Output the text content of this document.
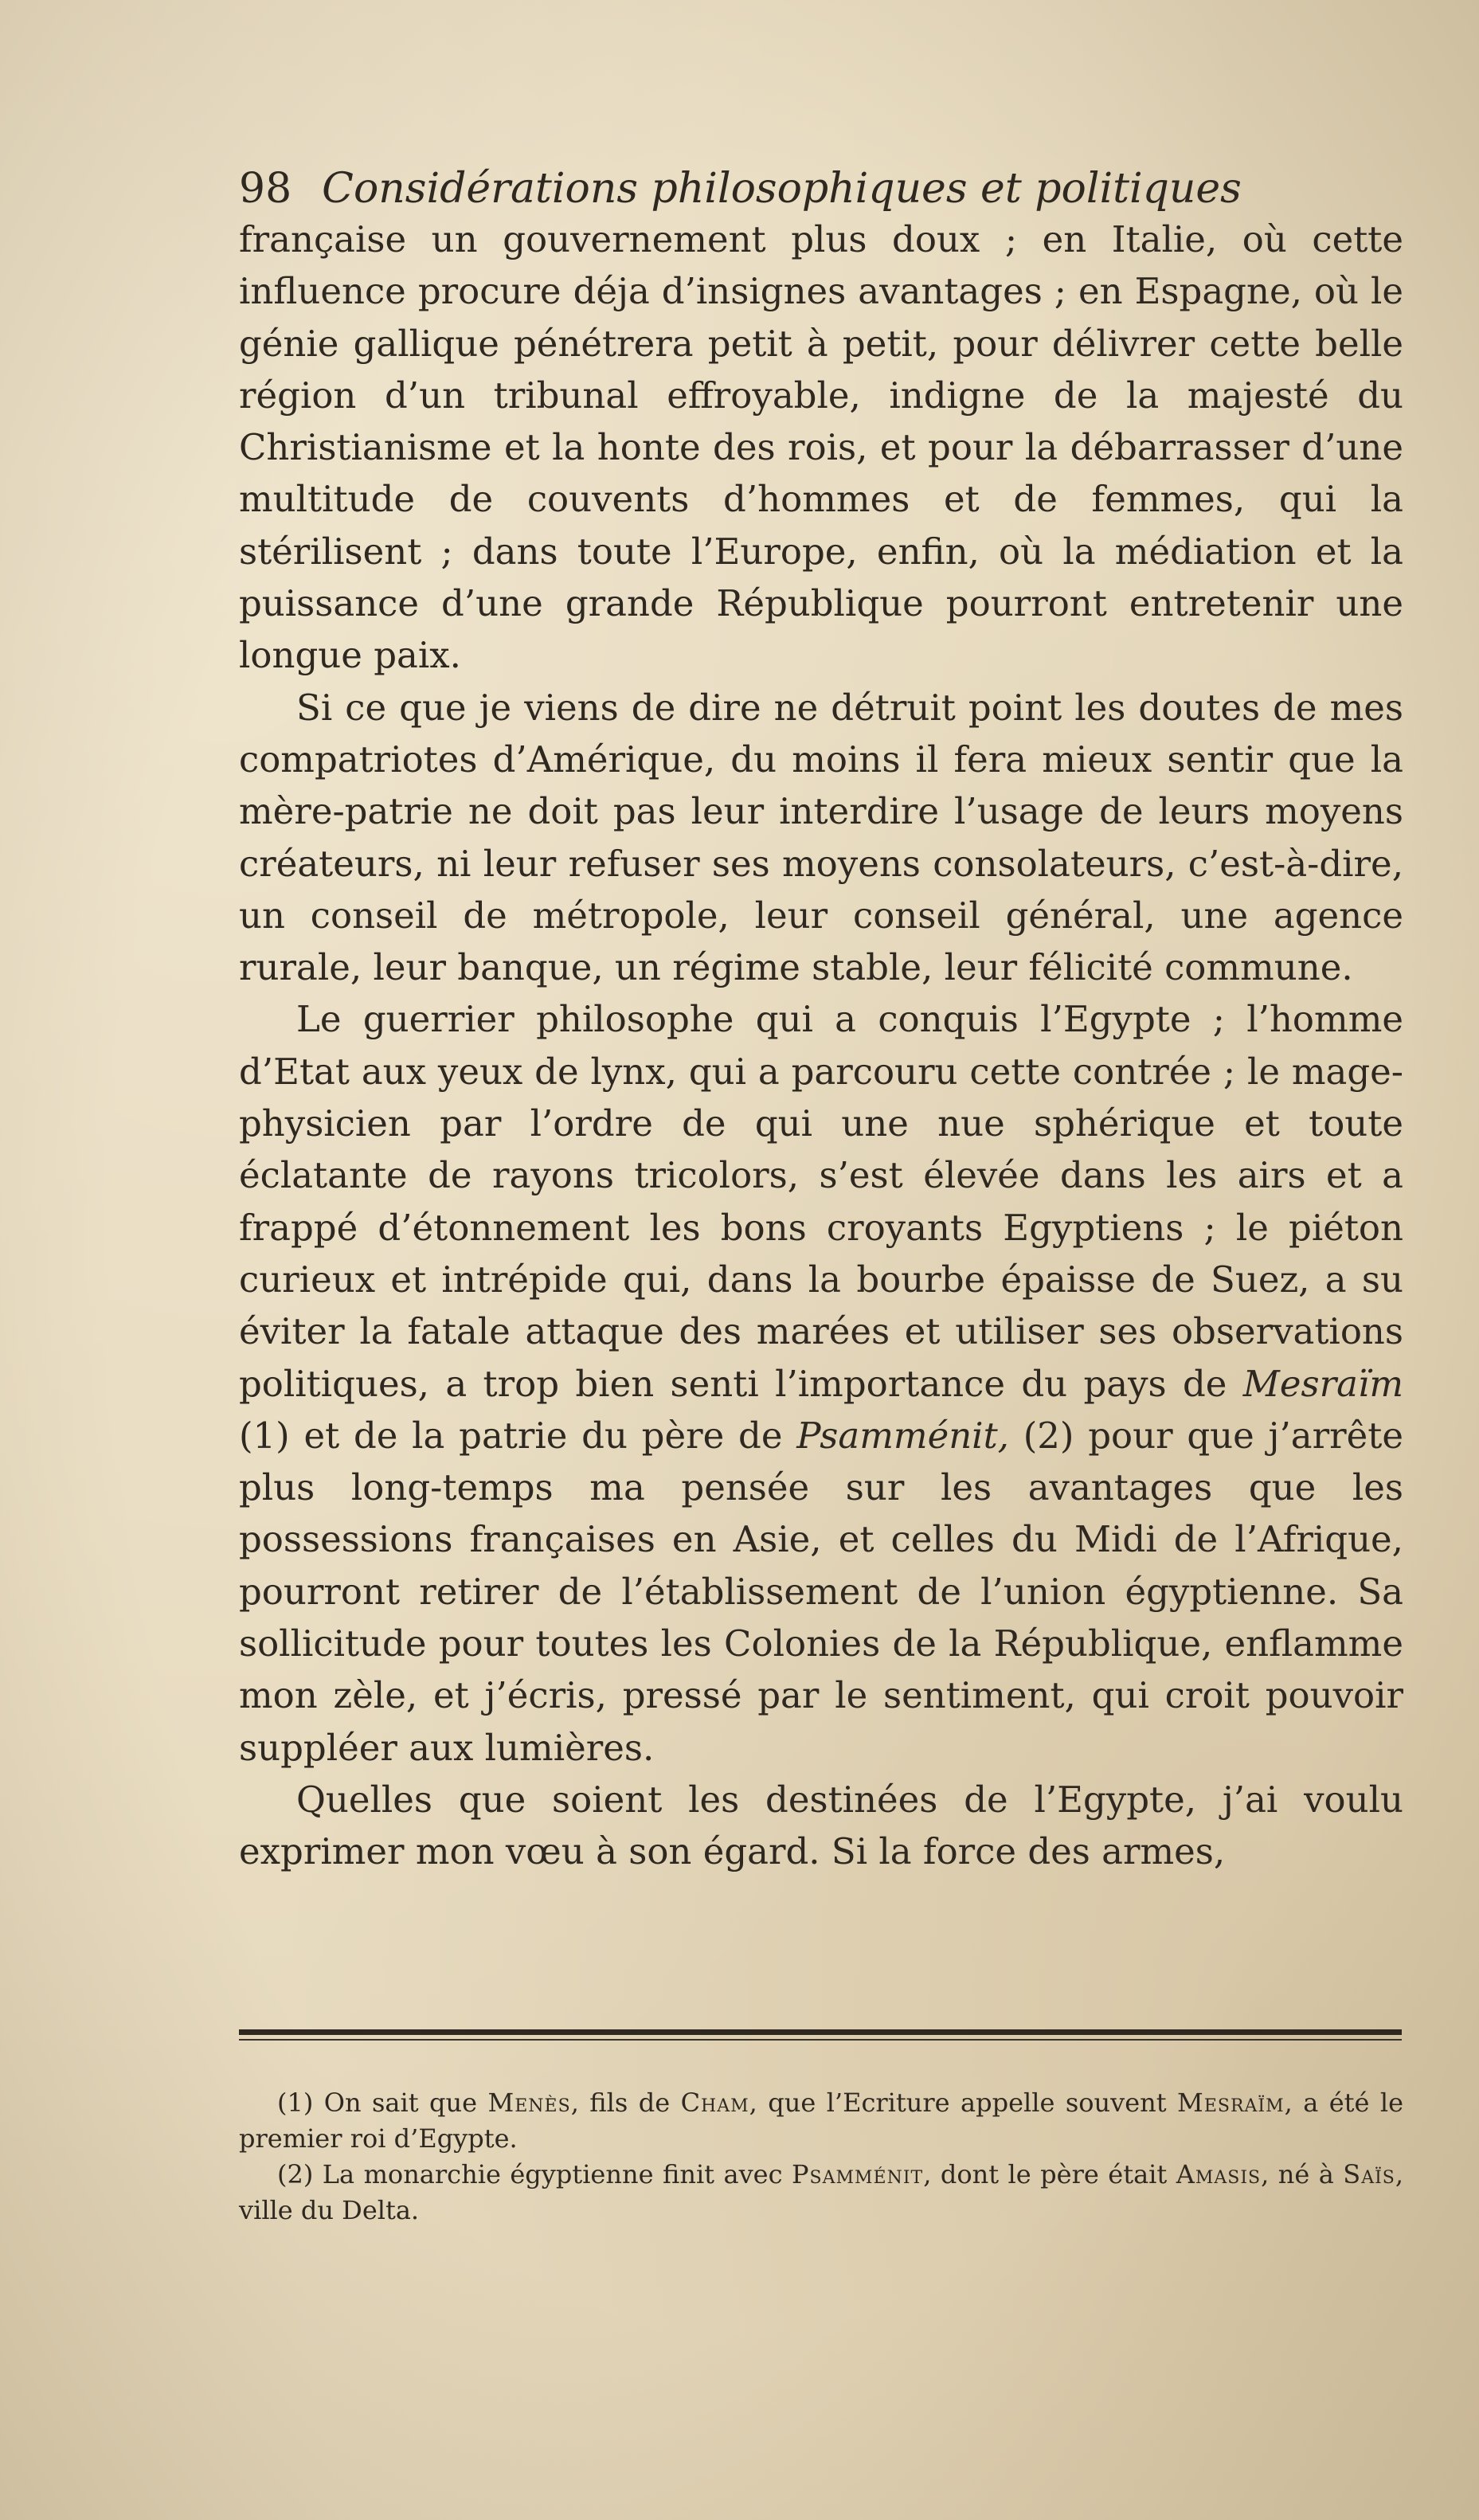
98 Considérations philosophiques et politiques

française un gouvernement plus doux ; en Italie, où cette influence procure déja d’insignes avantages ; en Espagne, où le génie gallique pénétrera petit à petit, pour délivrer cette belle région d’un tribunal effroyable, indigne de la majesté du Christianisme et la honte des rois, et pour la débarrasser d’une multitude de couvents d’hommes et de femmes, qui la stérilisent ; dans toute l’Europe, enfin, où la médiation et la puissance d’une grande République pourront entretenir une longue paix.

Si ce que je viens de dire ne détruit point les doutes de mes compatriotes d’Amérique, du moins il fera mieux sentir que la mère-patrie ne doit pas leur interdire l’usage de leurs moyens créateurs, ni leur refuser ses moyens consolateurs, c’est-à-dire, un conseil de métropole, leur conseil général, une agence rurale, leur banque, un régime stable, leur félicité commune.

Le guerrier philosophe qui a conquis l’Egypte ; l’homme d’Etat aux yeux de lynx, qui a parcouru cette contrée ; le mage-physicien par l’ordre de qui une nue sphérique et toute éclatante de rayons tricolors, s’est élevée dans les airs et a frappé d’étonnement les bons croyants Egyptiens ; le piéton curieux et intrépide qui, dans la bourbe épaisse de Suez, a su éviter la fatale attaque des marées et utiliser ses observations politiques, a trop bien senti l’importance du pays de Mesraïm (1) et de la patrie du père de Psamménit, (2) pour que j’arrête plus long-temps ma pensée sur les avantages que les possessions françaises en Asie, et celles du Midi de l’Afrique, pourront retirer de l’établissement de l’union égyptienne. Sa sollicitude pour toutes les Colonies de la République, enflamme mon zèle, et j’écris, pressé par le sentiment, qui croit pouvoir suppléer aux lumières.

Quelles que soient les destinées de l’Egypte, j’ai voulu exprimer mon vœu à son égard. Si la force des armes,

(1) On sait que Menès, fils de Cham, que l’Ecriture appelle souvent Mesraïm, a été le premier roi d’Egypte.

(2) La monarchie égyptienne finit avec Psamménit, dont le père était Amasis, né à Saïs, ville du Delta.
